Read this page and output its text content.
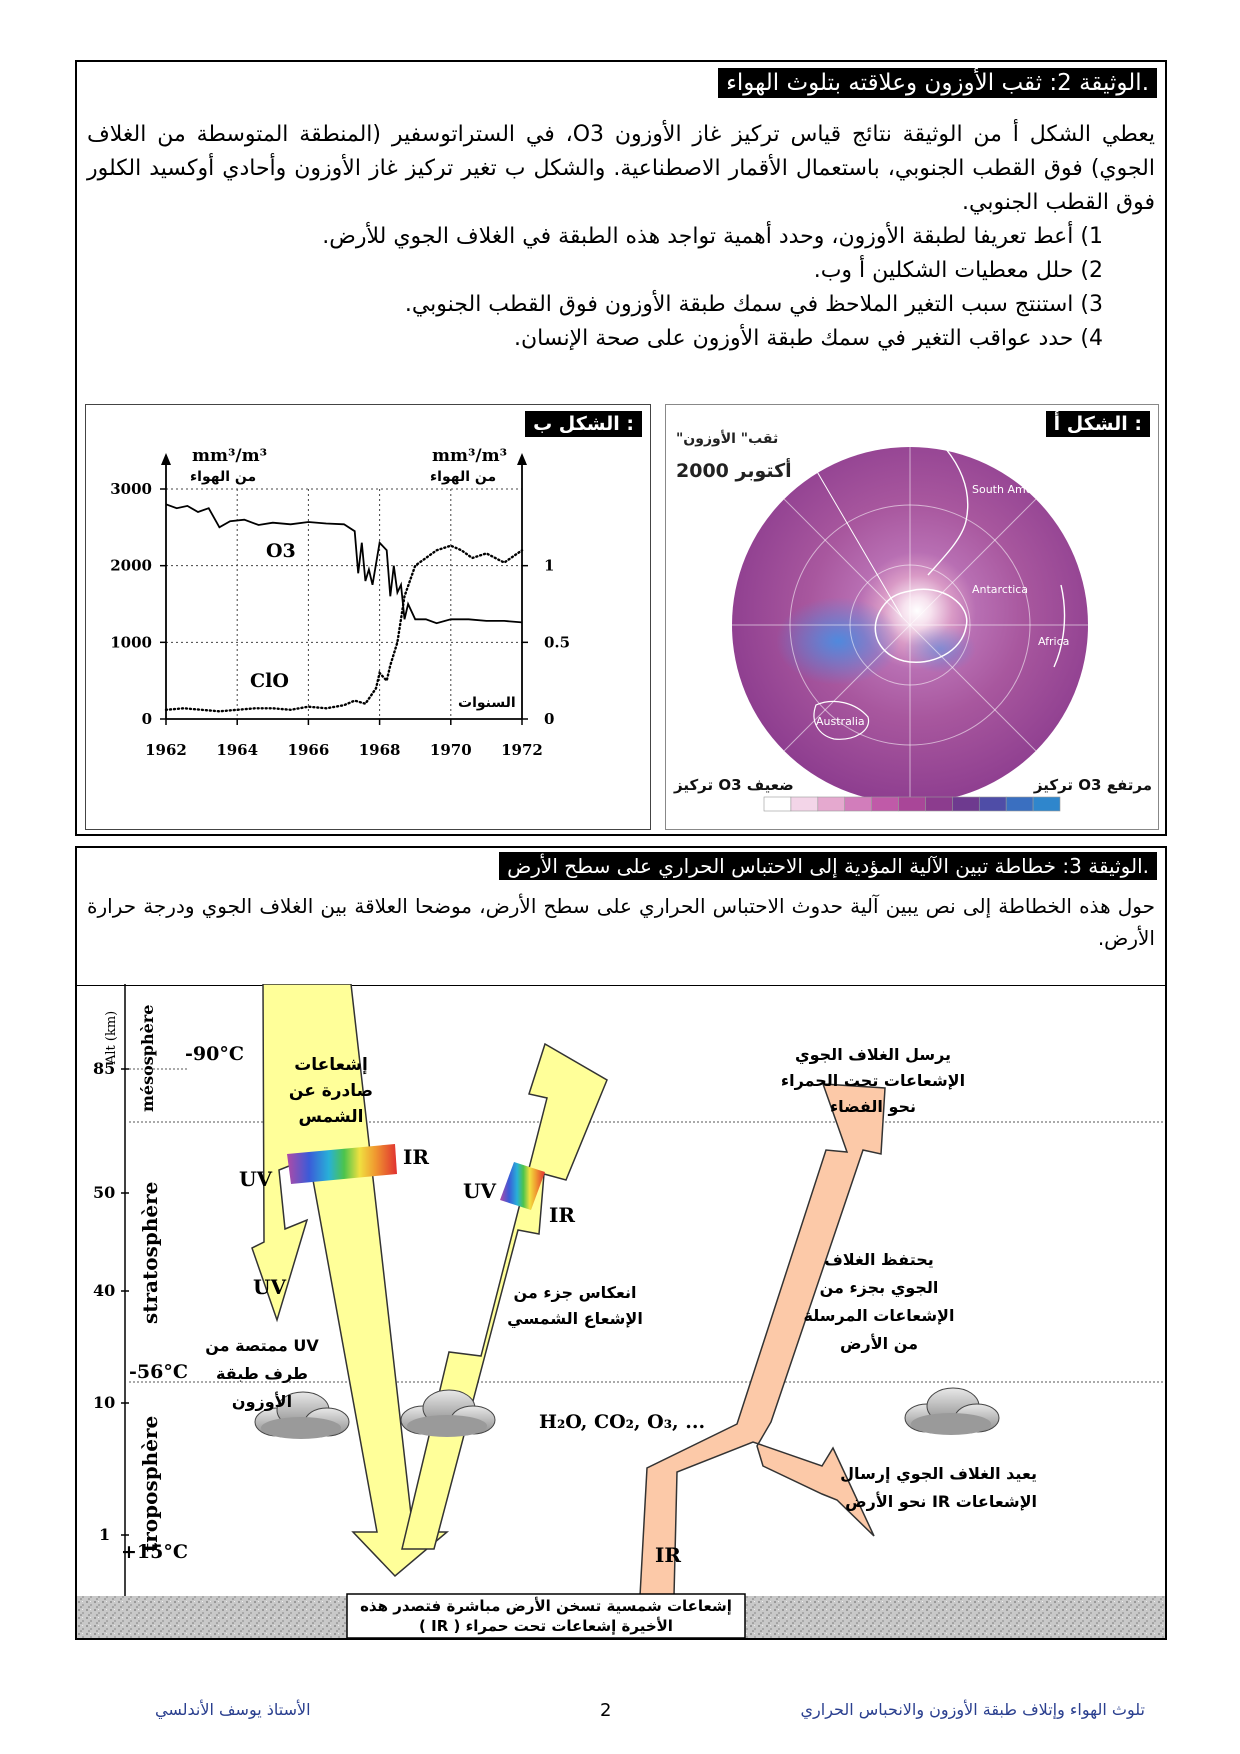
الوثيقة 2: ثقب الأوزون وعلاقته بتلوث الهواء.
يعطي الشكل أ من الوثيقة نتائج قياس تركيز غاز الأوزون O3، في الستراتوسفير (المنطقة المتوسطة من الغلاف الجوي) فوق القطب الجنوبي، باستعمال الأقمار الاصطناعية. والشكل ب تغير تركيز غاز الأوزون وأحادي أوكسيد الكلور فوق القطب الجنوبي.
1) أعط تعريفا لطبقة الأوزون، وحدد أهمية تواجد هذه الطبقة في الغلاف الجوي للأرض.
2) حلل معطيات الشكلين أ وب.
3) استنتج سبب التغير الملاحظ في سمك طبقة الأوزون فوق القطب الجنوبي.
4) حدد عواقب التغير في سمك طبقة الأوزون على صحة الإنسان.
"ثقب" الأوزون
أكتوبر 2000
South America
Antarctica
Africa
Australia
تركيز O3 مرتفع
تركيز O3 ضعيف
الشكل أ :
mm³/m³
من الهواء
mm³/m³
من الهواء
O3
ClO
السنوات
0
1000
2000
3000
1962 1964 1966 1968 1970 1972
0
0.5
1
الشكل ب :
الوثيقة 3: خطاطة تبين الآلية المؤدية إلى الاحتباس الحراري على سطح الأرض.
حول هذه الخطاطة إلى نص يبين آلية حدوث الاحتباس الحراري على سطح الأرض، موضحا العلاقة بين الغلاف الجوي ودرجة حرارة الأرض.
85
50
40
10
1
Alt (km) mésosphère
stratosphère
troposphère
-90°C
-56°C
+15°C
UV
IR
UV
IR
UV
IR
H₂O, CO₂, O₃, ...
إشعاعات صادرة عن الشمس
UV ممتصة من طرف طبقة الأوزون
انعكاس جزء من الإشعاع الشمسي
يرسل الغلاف الجوي الإشعاعات تحت الحمراء نحو الفضاء
يحتفظ الغلاف الجوي بجزء من الإشعاعات المرسلة من الأرض
يعيد الغلاف الجوي إرسال الإشعاعات IR نحو الأرض
إشعاعات شمسية تسخن الأرض مباشرة فتصدر هذه الأخيرة إشعاعات تحت حمراء ( IR )
الأستاذ يوسف الأندلسي	2	تلوث الهواء وإتلاف طبقة الأوزون والانحباس الحراري
